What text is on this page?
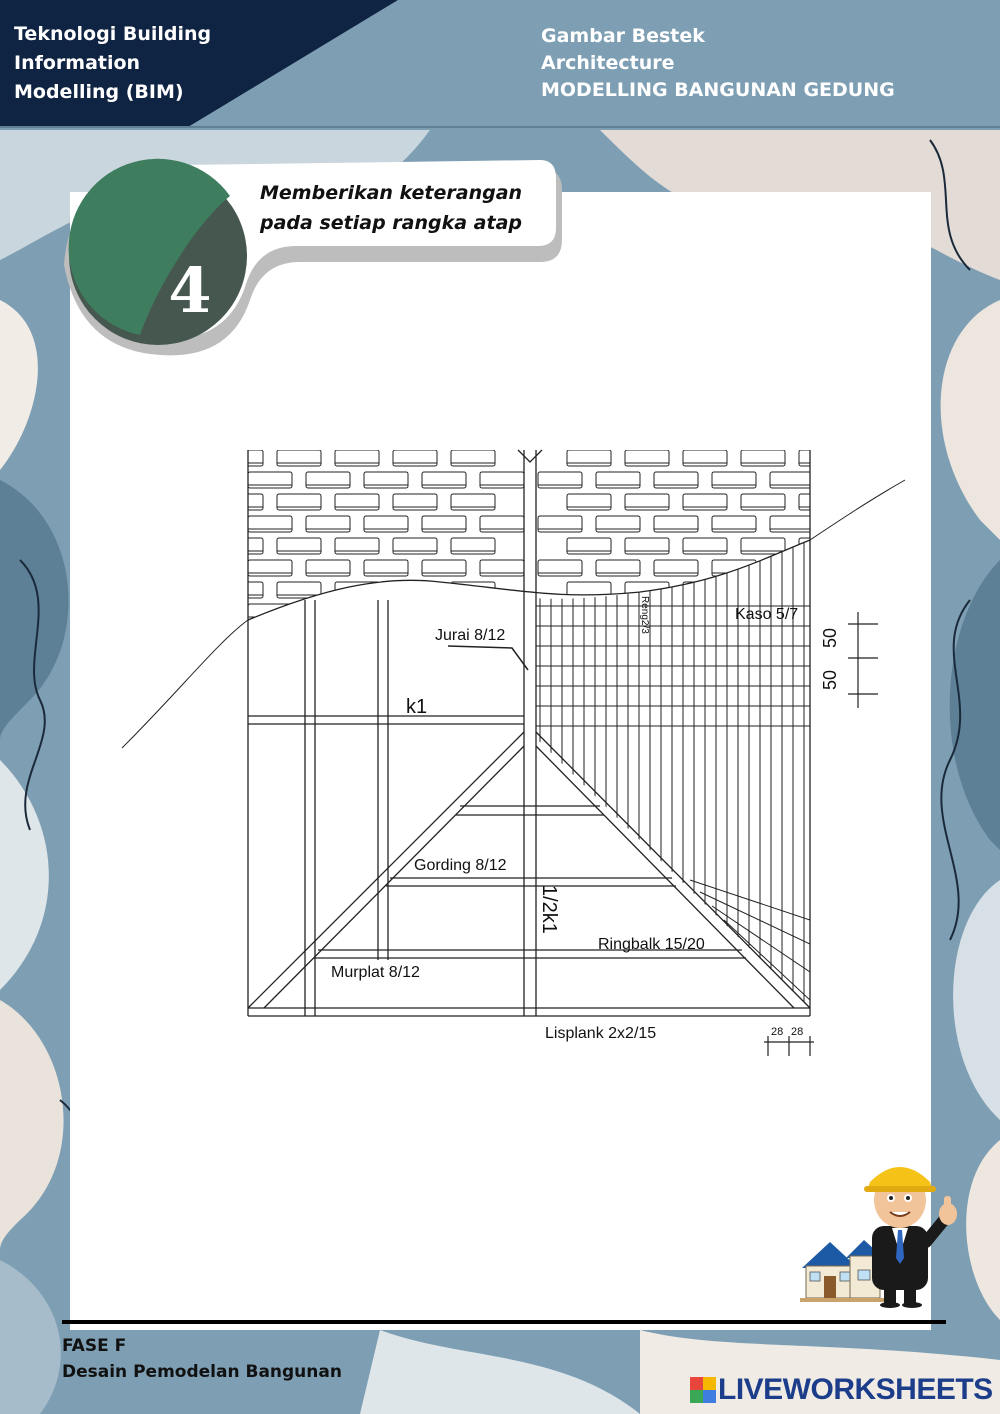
Teknologi Building
Information
Modelling (BIM)
Gambar Bestek
Architecture
MODELLING BANGUNAN GEDUNG
Memberikan keterangan
pada setiap rangka atap
4
Jurai 8/12
Reng2/3	Kaso 5/7
k1
1/2k1
Gording 8/12
Ringbalk 15/20
Murplat 8/12
Lisplank 2x2/15
50
50
28 28
FASE F
Desain Pemodelan Bangunan
LIVEWORKSHEETS
